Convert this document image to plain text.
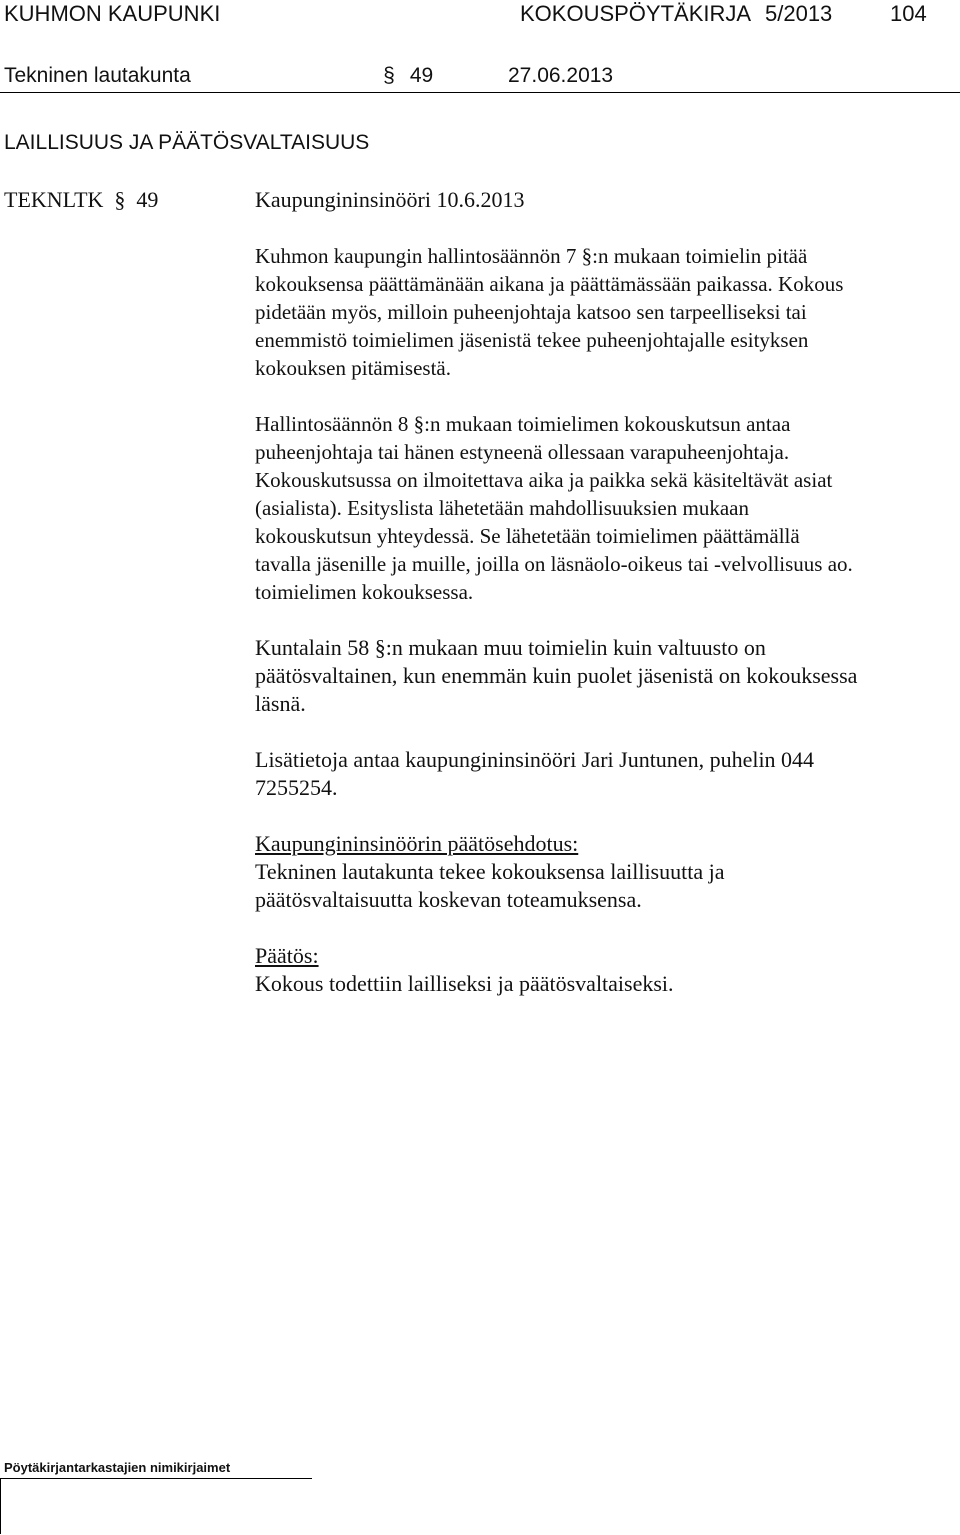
KUHMON KAUPUNKI	KOKOUSPÖYTÄKIRJA 5/2013	104
Tekninen lautakunta	§ 49	27.06.2013
LAILLISUUS JA PÄÄTÖSVALTAISUUS
TEKNLTK § 49	Kaupungininsinööri 10.6.2013

Kuhmon kaupungin hallintosäännön 7 §:n mukaan toimielin pitää
kokouksensa päättämänään aikana ja päättämässään paikassa. Kokous
pidetään myös, milloin puheenjohtaja katsoo sen tarpeelliseksi tai
enemmistö toimielimen jäsenistä tekee puheenjohtajalle esityksen
kokouksen pitämisestä.

Hallintosäännön 8 §:n mukaan toimielimen kokouskutsun antaa
puheenjohtaja tai hänen estyneenä ollessaan varapuheenjohtaja.
Kokouskutsussa on ilmoitettava aika ja paikka sekä käsiteltävät asiat
(asialista). Esityslista lähetetään mahdollisuuksien mukaan
kokouskutsun yhteydessä. Se lähetetään toimielimen päättämällä
tavalla jäsenille ja muille, joilla on läsnäolo-oikeus tai -velvollisuus ao.
toimielimen kokouksessa.

Kuntalain 58 §:n mukaan muu toimielin kuin valtuusto on
päätösvaltainen, kun enemmän kuin puolet jäsenistä on kokouksessa
läsnä.

Lisätietoja antaa kaupungininsinööri Jari Juntunen, puhelin 044
7255254.

Kaupungininsinöörin päätösehdotus:

Tekninen lautakunta tekee kokouksensa laillisuutta ja
päätösvaltaisuutta koskevan toteamuksensa.

Päätös:

Kokous todettiin lailliseksi ja päätösvaltaiseksi.

Pöytäkirjantarkastajien nimikirjaimet
